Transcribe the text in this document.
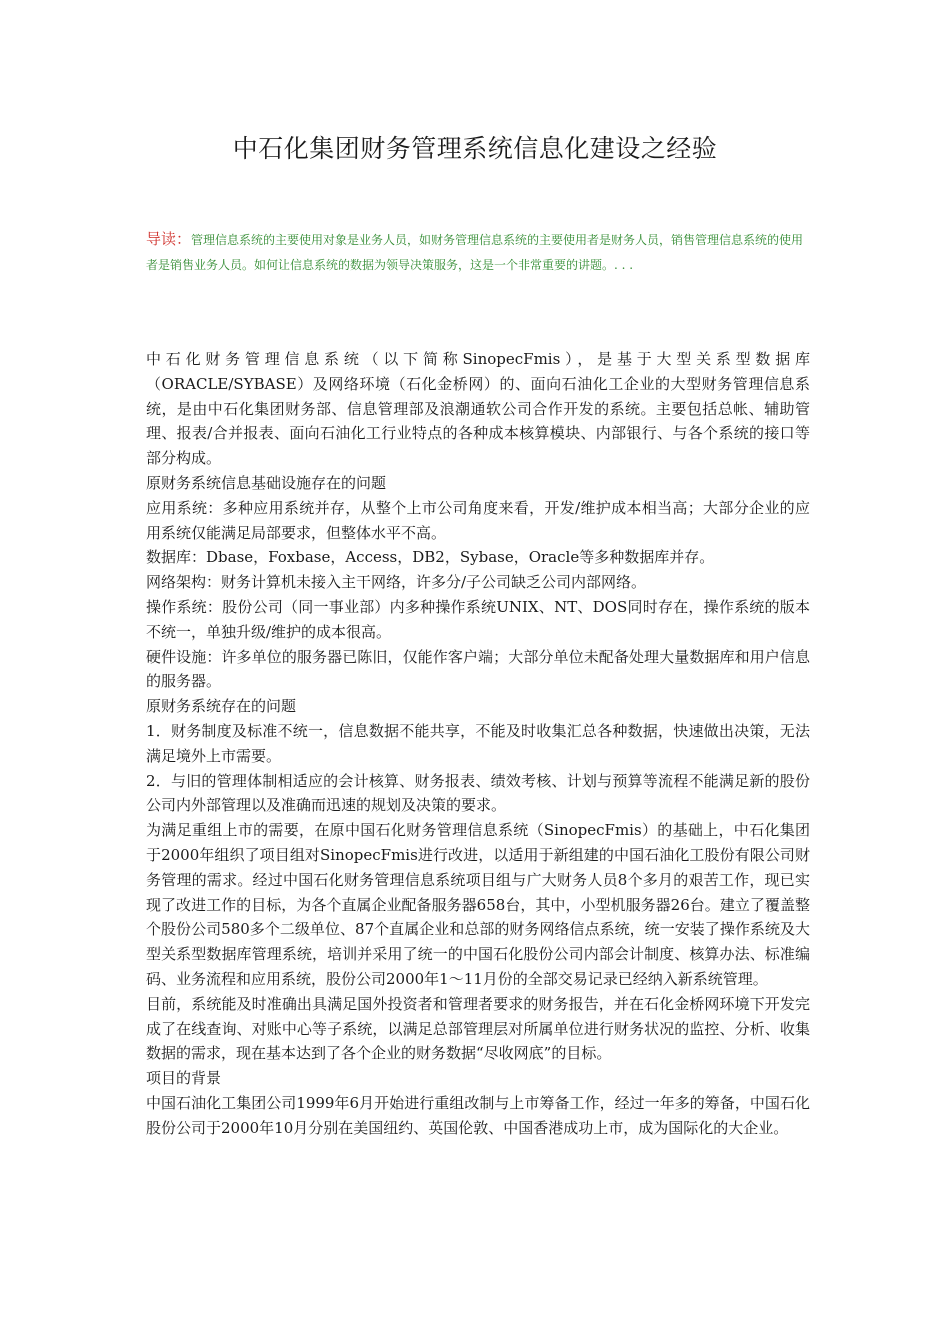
中石化集团财务管理系统信息化建设之经验
导读：管理信息系统的主要使用对象是业务人员，如财务管理信息系统的主要使用者是财务人员，销售管理信息系统的使用者是销售业务人员。如何让信息系统的数据为领导决策服务，这是一个非常重要的讲题。. . .

中石化财务管理信息系统（以下简称SinopecFmis），是基于大型关系型数据库（ORACLE/SYBASE）及网络环境（石化金桥网）的、面向石油化工企业的大型财务管理信息系统，是由中石化集团财务部、信息管理部及浪潮通软公司合作开发的系统。主要包括总帐、辅助管理、报表/合并报表、面向石油化工行业特点的各种成本核算模块、内部银行、与各个系统的接口等部分构成。

原财务系统信息基础设施存在的问题

应用系统：多种应用系统并存，从整个上市公司角度来看，开发/维护成本相当高；大部分企业的应用系统仅能满足局部要求，但整体水平不高。

数据库：Dbase，Foxbase，Access，DB2，Sybase，Oracle等多种数据库并存。

网络架构：财务计算机未接入主干网络，许多分/子公司缺乏公司内部网络。

操作系统：股份公司（同一事业部）内多种操作系统UNIX、NT、DOS同时存在，操作系统的版本不统一，单独升级/维护的成本很高。

硬件设施：许多单位的服务器已陈旧，仅能作客户端；大部分单位未配备处理大量数据库和用户信息的服务器。

原财务系统存在的问题

1．财务制度及标准不统一，信息数据不能共享，不能及时收集汇总各种数据，快速做出决策，无法满足境外上市需要。

2．与旧的管理体制相适应的会计核算、财务报表、绩效考核、计划与预算等流程不能满足新的股份公司内外部管理以及准确而迅速的规划及决策的要求。

为满足重组上市的需要，在原中国石化财务管理信息系统（SinopecFmis）的基础上，中石化集团于2000年组织了项目组对SinopecFmis进行改进，以适用于新组建的中国石油化工股份有限公司财务管理的需求。经过中国石化财务管理信息系统项目组与广大财务人员8个多月的艰苦工作，现已实现了改进工作的目标，为各个直属企业配备服务器658台，其中，小型机服务器26台。建立了覆盖整个股份公司580多个二级单位、87个直属企业和总部的财务网络信点系统，统一安装了操作系统及大型关系型数据库管理系统，培训并采用了统一的中国石化股份公司内部会计制度、核算办法、标准编码、业务流程和应用系统，股份公司2000年1～11月份的全部交易记录已经纳入新系统管理。

目前，系统能及时准确出具满足国外投资者和管理者要求的财务报告，并在石化金桥网环境下开发完成了在线查询、对账中心等子系统，以满足总部管理层对所属单位进行财务状况的监控、分析、收集数据的需求，现在基本达到了各个企业的财务数据“尽收网底”的目标。

项目的背景

中国石油化工集团公司1999年6月开始进行重组改制与上市筹备工作，经过一年多的筹备，中国石化股份公司于2000年10月分别在美国纽约、英国伦敦、中国香港成功上市，成为国际化的大企业。
